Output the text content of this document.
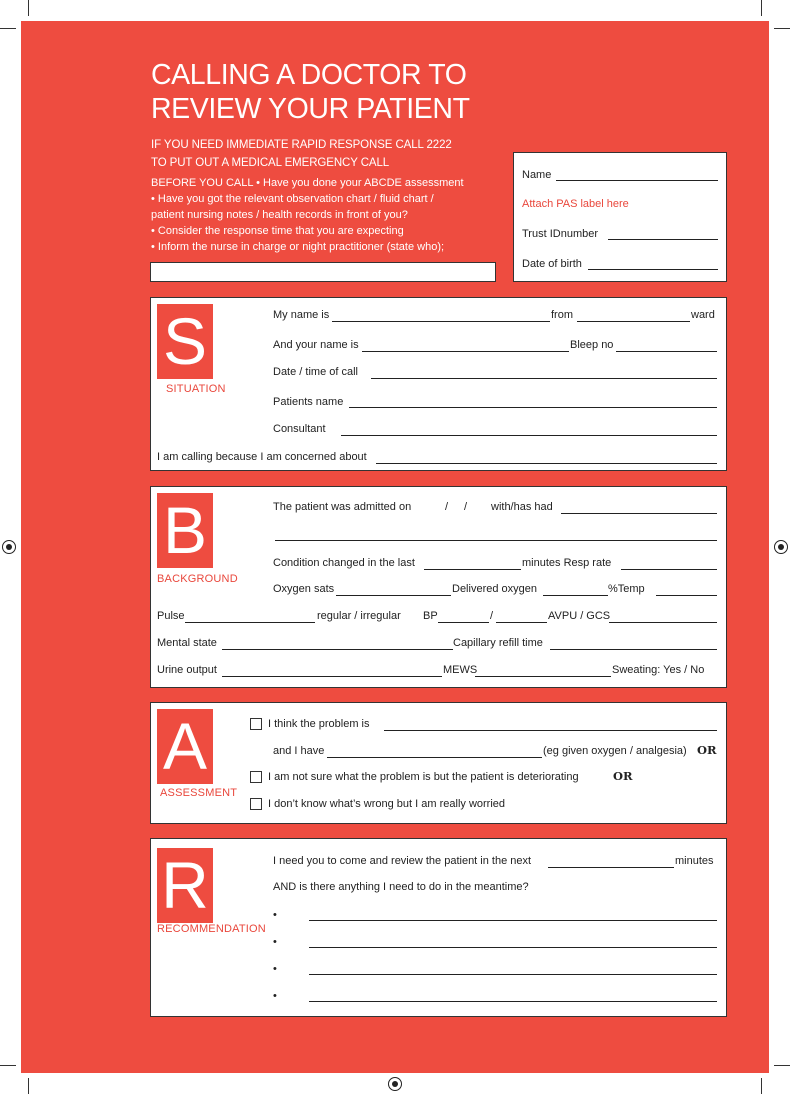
CALLING A DOCTOR TO
REVIEW YOUR PATIENT
IF YOU NEED IMMEDIATE RAPID RESPONSE CALL 2222
TO PUT OUT A MEDICAL EMERGENCY CALL
BEFORE YOU CALL • Have you done your ABCDE assessment
• Have you got the relevant observation chart / fluid chart /
patient nursing notes / health records in front of you?
• Consider the response time that you are expecting
• Inform the nurse in charge or night practitioner (state who);
Name
Attach PAS label here
Trust IDnumber
Date of birth
S
SITUATION
My name is	from	ward
And your name is	Bleep no
Date / time of call
Patients name
Consultant
I am calling because I am concerned about
B
BACKGROUND
The patient was admitted on	/ / with/has had
Condition changed in the last	minutes Resp rate
Oxygen sats	Delivered oxygen	%Temp
Pulse	regular / irregular BP	/	AVPU / GCS
Mental state	Capillary refill time
Urine output	MEWS	Sweating: Yes / No
A
ASSESSMENT
I think the problem is
and I have	(eg given oxygen / analgesia) OR
I am not sure what the problem is but the patient is deteriorating	OR
I don’t know what’s wrong but I am really worried
R
RECOMMENDATION
I need you to come and review the patient in the next	minutes
AND is there anything I need to do in the meantime?
•
•
•
•
